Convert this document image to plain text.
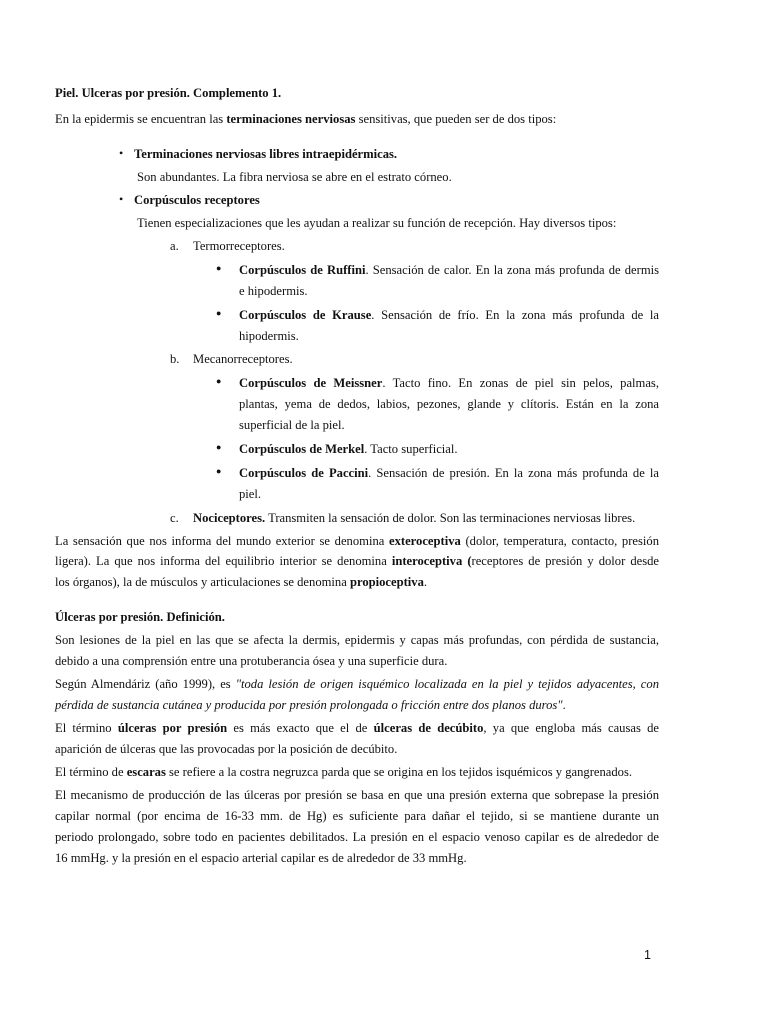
Piel. Ulceras por presión. Complemento 1.
En la epidermis se encuentran las terminaciones nerviosas sensitivas, que pueden ser de dos tipos:
• Terminaciones nerviosas libres intraepidérmicas.
Son abundantes. La fibra nerviosa se abre en el estrato córneo.
• Corpúsculos receptores
Tienen especializaciones que les ayudan a realizar su función de recepción. Hay diversos tipos:
a. Termorreceptores.
● Corpúsculos de Ruffini. Sensación de calor. En la zona más profunda de dermis
e hipodermis.
● Corpúsculos de Krause. Sensación de frío. En la zona más profunda de la
hipodermis.
b. Mecanorreceptores.
● Corpúsculos de Meissner. Tacto fino. En zonas de piel sin pelos, palmas,
plantas, yema de dedos, labios, pezones, glande y clítoris. Están en la zona
superficial de la piel.
● Corpúsculos de Merkel. Tacto superficial.
● Corpúsculos de Paccini. Sensación de presión. En la zona más profunda de la
piel.
c. Nociceptores. Transmiten la sensación de dolor. Son las terminaciones nerviosas libres.
La sensación que nos informa del mundo exterior se denomina exteroceptiva (dolor, temperatura, contacto, presión
ligera). La que nos informa del equilibrio interior se denomina interoceptiva (receptores de presión y dolor desde
los órganos), la de músculos y articulaciones se denomina propioceptiva.
Úlceras por presión. Definición.
Son lesiones de la piel en las que se afecta la dermis, epidermis y capas más profundas, con pérdida de sustancia,
debido a una comprensión entre una protuberancia ósea y una superficie dura.
Según Almendáriz (año 1999), es "toda lesión de origen isquémico localizada en la piel y tejidos adyacentes, con
pérdida de sustancia cutánea y producida por presión prolongada o fricción entre dos planos duros".
El término úlceras por presión es más exacto que el de úlceras de decúbito, ya que engloba más causas de
aparición de úlceras que las provocadas por la posición de decúbito.
El término de escaras se refiere a la costra negruzca parda que se origina en los tejidos isquémicos y gangrenados.
El mecanismo de producción de las úlceras por presión se basa en que una presión externa que sobrepase la presión
capilar normal (por encima de 16-33 mm. de Hg) es suficiente para dañar el tejido, si se mantiene durante un
periodo prolongado, sobre todo en pacientes debilitados. La presión en el espacio venoso capilar es de alrededor de
16 mmHg. y la presión en el espacio arterial capilar es de alrededor de 33 mmHg.
1
